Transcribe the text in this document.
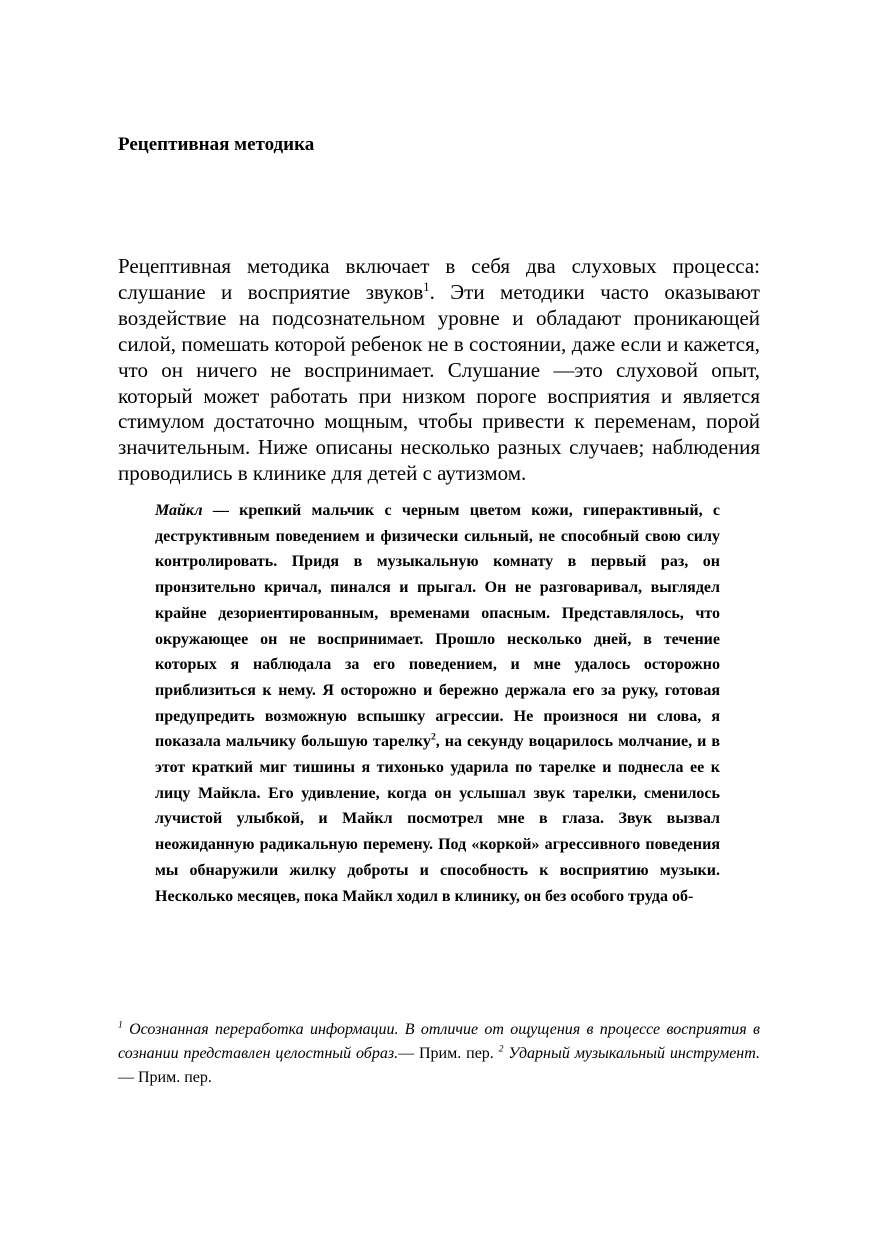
Рецептивная методика

Рецептивная методика включает в себя два слуховых процесса: слушание и восприятие звуков$^1$. Эти методики часто оказывают воздействие на подсознательном уровне и обладают проникающей силой, помешать которой ребенок не в состоянии, даже если и кажется, что он ничего не воспринимает. Слушание —это слуховой опыт, который может работать при низком пороге восприятия и является стимулом достаточно мощным, чтобы привести к переменам, порой значительным. Ниже описаны несколько разных случаев; наблюдения проводились в клинике для детей с аутизмом.

Майкл — крепкий мальчик с черным цветом кожи, гиперактивный, с деструктивным поведением и физически сильный, не способный свою силу контролировать. Придя в музыкальную комнату в первый раз, он пронзительно кричал, пинался и прыгал. Он не разговаривал, выглядел крайне дезориентированным, временами опасным. Представлялось, что окружающее он не воспринимает. Прошло несколько дней, в течение которых я наблюдала за его поведением, и мне удалось осторожно приблизиться к нему. Я осторожно и бережно держала его за руку, готовая предупредить возможную вспышку агрессии. Не произнося ни слова, я показала мальчику большую тарелку$^2$, на секунду воцарилось молчание, и в этот краткий миг тишины я тихонько ударила по тарелке и поднесла ее к лицу Майкла. Его удивление, когда он услышал звук тарелки, сменилось лучистой улыбкой, и Майкл посмотрел мне в глаза. Звук вызвал неожиданную радикальную перемену. Под «коркой» агрессивного поведения мы обнаружили жилку доброты и способность к восприятию музыки. Несколько месяцев, пока Майкл ходил в клинику, он без особого труда об-

$^1$ Осознанная переработка информации. В отличие от ощущения в процессе восприятия в сознании представлен целостный образ.— Прим. пер. $^2$ Ударный музыкальный инструмент.— Прим. пер.
